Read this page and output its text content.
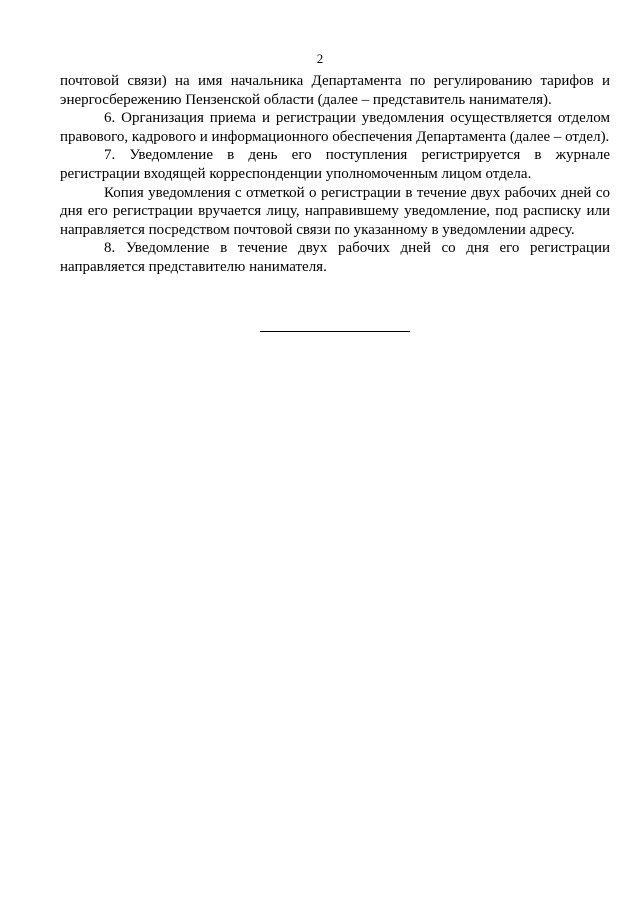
2

почтовой связи) на имя начальника Департамента по регулированию тарифов и энергосбережению Пензенской области (далее – представитель нанимателя).

6. Организация приема и регистрации уведомления осуществляется отделом правового, кадрового и информационного обеспечения Департамента (далее – отдел).

7. Уведомление в день его поступления регистрируется в журнале регистрации входящей корреспонденции уполномоченным лицом отдела.

Копия уведомления с отметкой о регистрации в течение двух рабочих дней со дня его регистрации вручается лицу, направившему уведомление, под расписку или направляется посредством почтовой связи по указанному в уведомлении адресу.

8. Уведомление в течение двух рабочих дней со дня его регистрации направляется представителю нанимателя.
